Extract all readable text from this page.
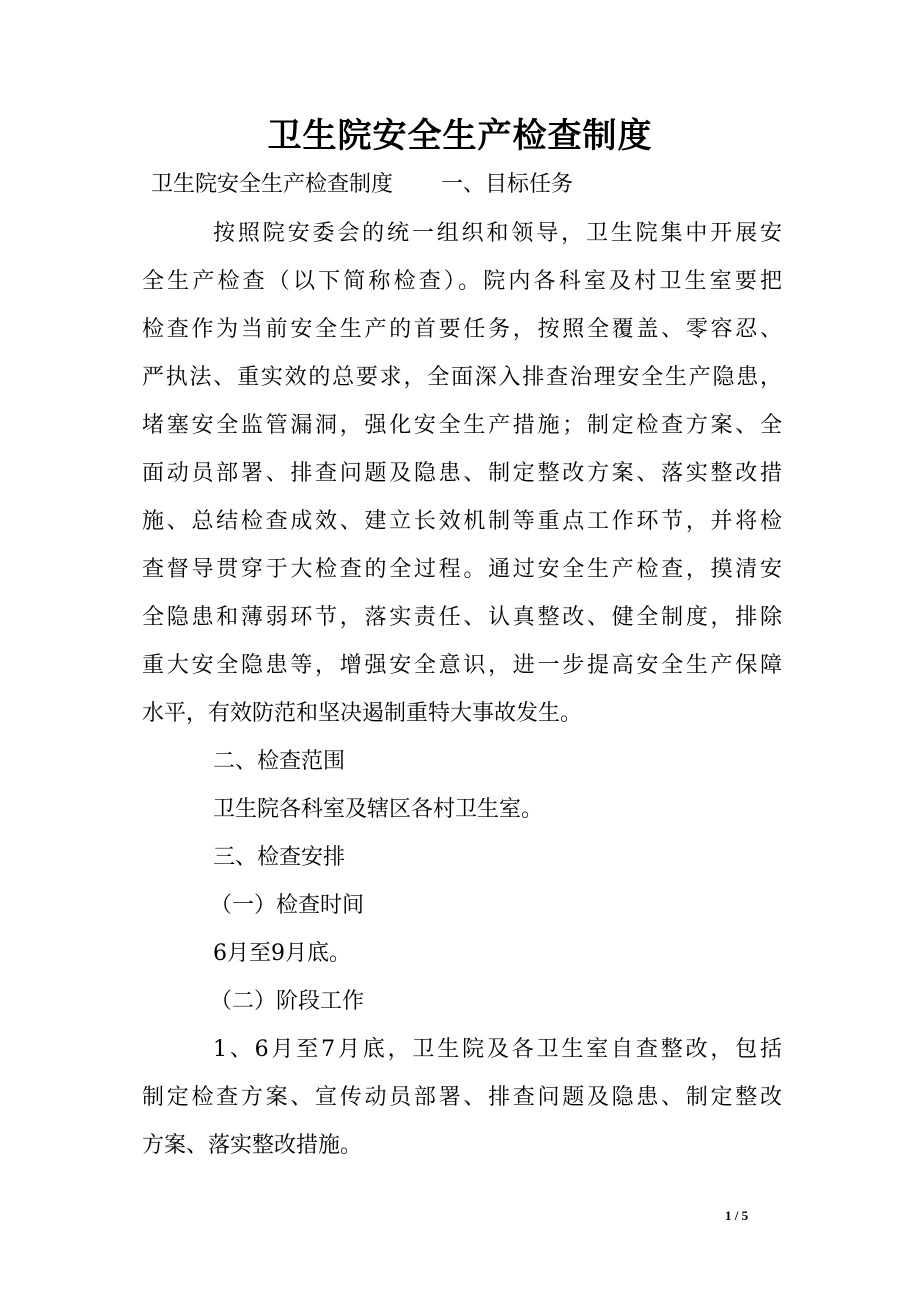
卫生院安全生产检查制度
卫生院安全生产检查制度 一、目标任务
按照院安委会的统一组织和领导，卫生院集中开展安
全生产检查（以下简称检查）。院内各科室及村卫生室要把
检查作为当前安全生产的首要任务，按照全覆盖、零容忍、
严执法、重实效的总要求，全面深入排查治理安全生产隐患，
堵塞安全监管漏洞，强化安全生产措施；制定检查方案、全
面动员部署、排查问题及隐患、制定整改方案、落实整改措
施、总结检查成效、建立长效机制等重点工作环节，并将检
查督导贯穿于大检查的全过程。通过安全生产检查，摸清安
全隐患和薄弱环节，落实责任、认真整改、健全制度，排除
重大安全隐患等，增强安全意识，进一步提高安全生产保障
水平，有效防范和坚决遏制重特大事故发生。
二、检查范围
卫生院各科室及辖区各村卫生室。
三、检查安排
（一）检查时间
6月至9月底。
（二）阶段工作
1、6月至7月底，卫生院及各卫生室自查整改，包括
制定检查方案、宣传动员部署、排查问题及隐患、制定整改
方案、落实整改措施。
1 / 5
